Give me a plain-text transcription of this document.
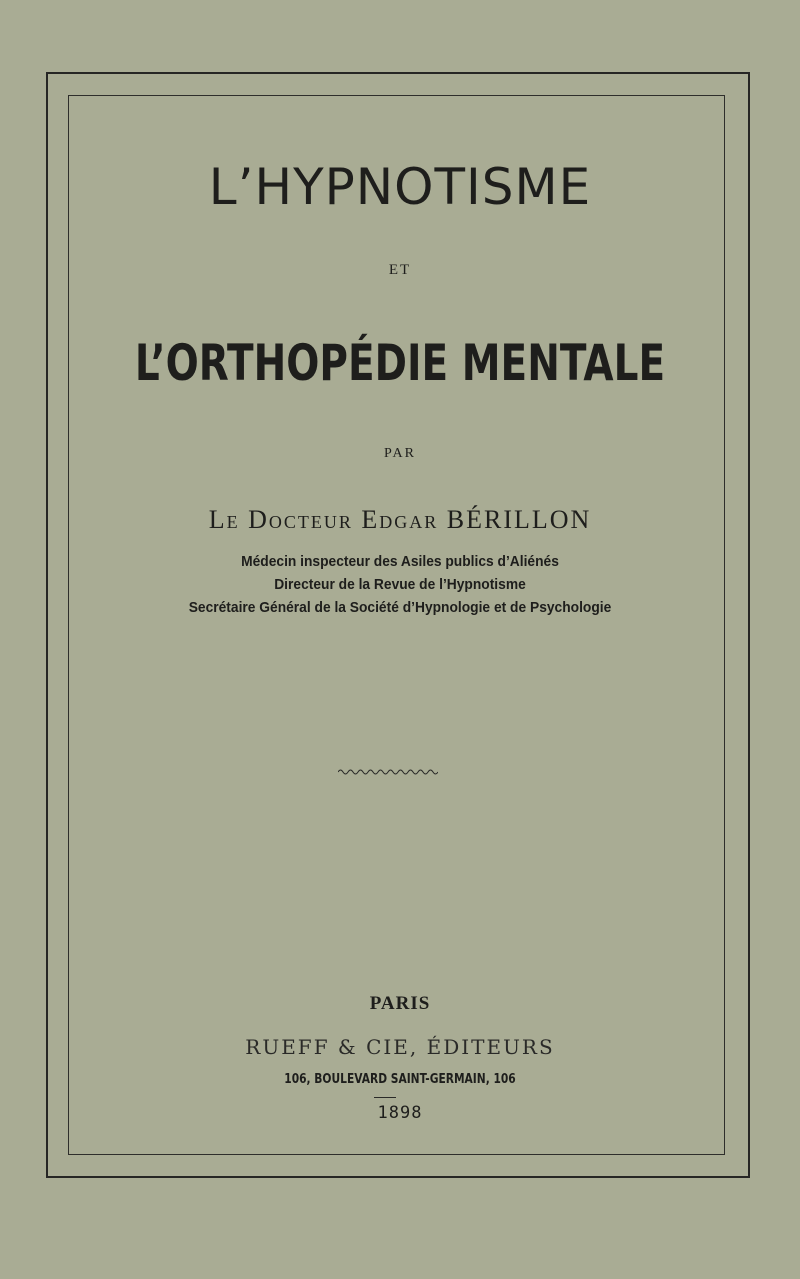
L’HYPNOTISME
ET
L’ORTHOPÉDIE MENTALE
PAR
Le Docteur Edgar BÉRILLON
Médecin inspecteur des Asiles publics d’Aliénés
Directeur de la Revue de l’Hypnotisme
Secrétaire Général de la Société d’Hypnologie et de Psychologie
PARIS
RUEFF & CIE, ÉDITEURS
106, BOULEVARD SAINT-GERMAIN, 106
1898
